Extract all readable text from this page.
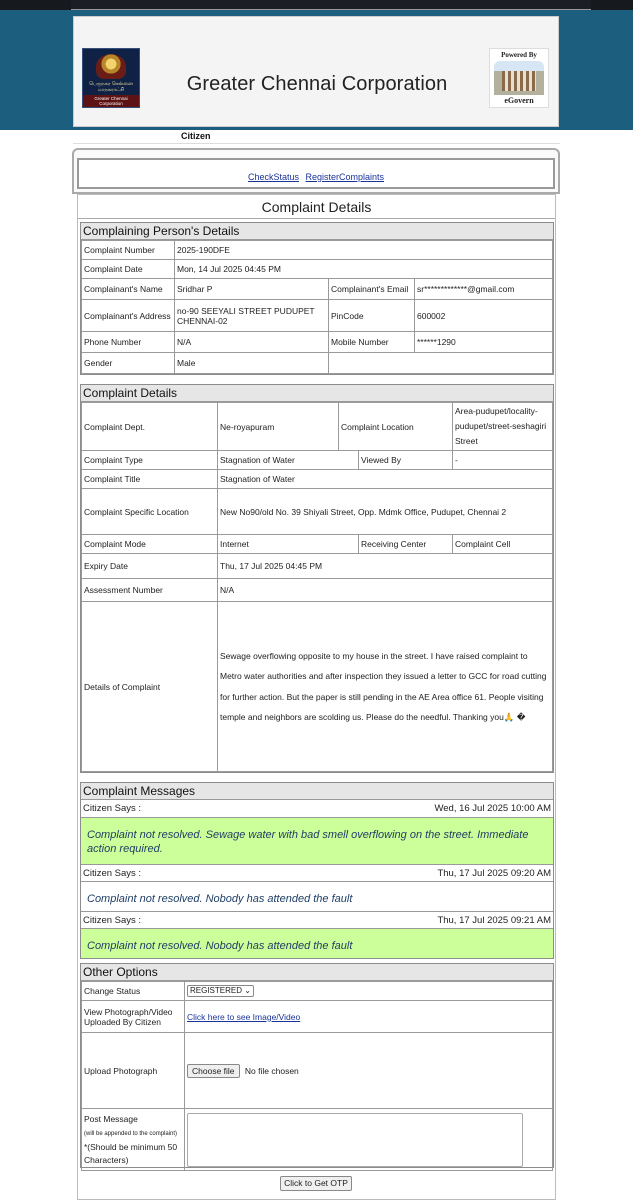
பெருநகர சென்னை மாநகராட்சி
Greater Chennai Corporation
Greater Chennai Corporation
Powered By
eGovern
Citizen
CheckStatus RegisterComplaints
Complaint Details
Complaining Person's Details
Complaint Number	2025-190DFE		
Complaint Date	Mon, 14 Jul 2025 04:45 PM		
Complainant's Name	Sridhar P	Complainant's Email	sr*************@gmail.com
Complainant's Address	no-90 SEEYALI STREET PUDUPET CHENNAI-02	PinCode	600002
Phone Number	N/A	Mobile Number	******1290
Gender	Male		
Complaint Details
Complaint Dept.	Ne-royapuram	Complaint Location		Area-pudupet/locality-pudupet/street-seshagiri Street
Complaint Type	Stagnation of Water		Viewed By	-
Complaint Title	Stagnation of Water			
Complaint Specific Location	New No90/old No. 39 Shiyali Street, Opp. Mdmk Office, Pudupet, Chennai 2			
Complaint Mode	Internet		Receiving Center	Complaint Cell
Expiry Date	Thu, 17 Jul 2025 04:45 PM			
Assessment Number	N/A			
Details of Complaint	Sewage overflowing opposite to my house in the street. I have raised complaint to Metro water authorities and after inspection they issued a letter to GCC for road cutting for further action. But the paper is still pending in the AE Area office 61. People visiting temple and neighbors are scolding us. Please do the needful. Thanking you🙏 �			
Complaint Messages
Citizen Says :	Wed, 16 Jul 2025 10:00 AM
Complaint not resolved. Sewage water with bad smell overflowing on the street. Immediate action required.
Citizen Says :	Thu, 17 Jul 2025 09:20 AM
Complaint not resolved. Nobody has attended the fault
Citizen Says :	Thu, 17 Jul 2025 09:21 AM
Complaint not resolved. Nobody has attended the fault
Other Options
Change Status	REGISTERED ⌄
View Photograph/Video Uploaded By Citizen	Click here to see Image/Video
Upload Photograph	Choose file No file chosen
Post Message
(will be appended to the complaint) *(Should be minimum 50 Characters)	
Click to Get OTP
